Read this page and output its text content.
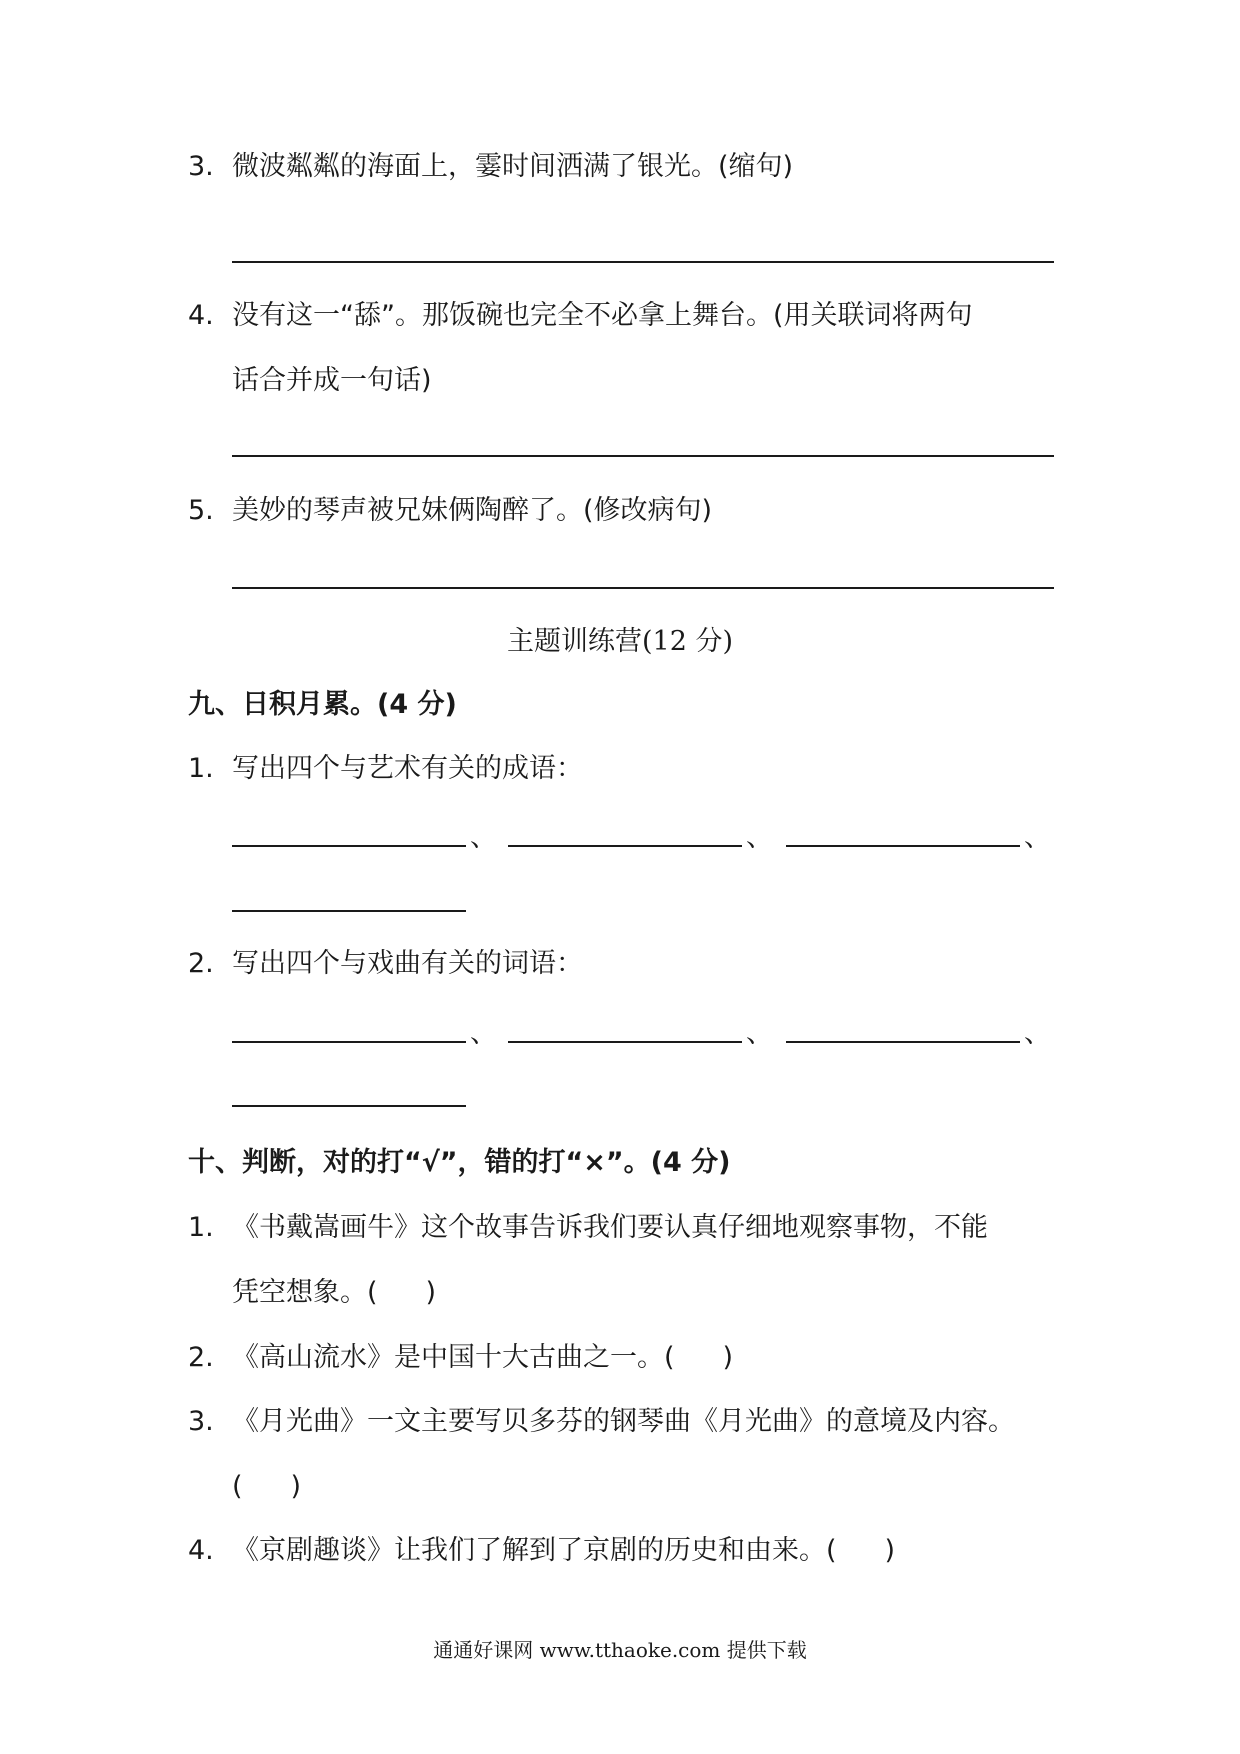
3. 微波粼粼的海面上，霎时间洒满了银光。(缩句)
4. 没有这一“舔”。那饭碗也完全不必拿上舞台。(用关联词将两句
话合并成一句话)
5. 美妙的琴声被兄妹俩陶醉了。(修改病句)
主题训练营(12 分)
九、日积月累。(4 分)
1. 写出四个与艺术有关的成语：
、	、	、
2. 写出四个与戏曲有关的词语：
、	、	、
十、判断，对的打“√”，错的打“×”。(4 分)
1. 《书戴嵩画牛》这个故事告诉我们要认真仔细地观察事物，不能
凭空想象。( )
2. 《高山流水》是中国十大古曲之一。( )
3. 《月光曲》一文主要写贝多芬的钢琴曲《月光曲》的意境及内容。
( )
4. 《京剧趣谈》让我们了解到了京剧的历史和由来。( )
通通好课网 www.tthaoke.com 提供下载
